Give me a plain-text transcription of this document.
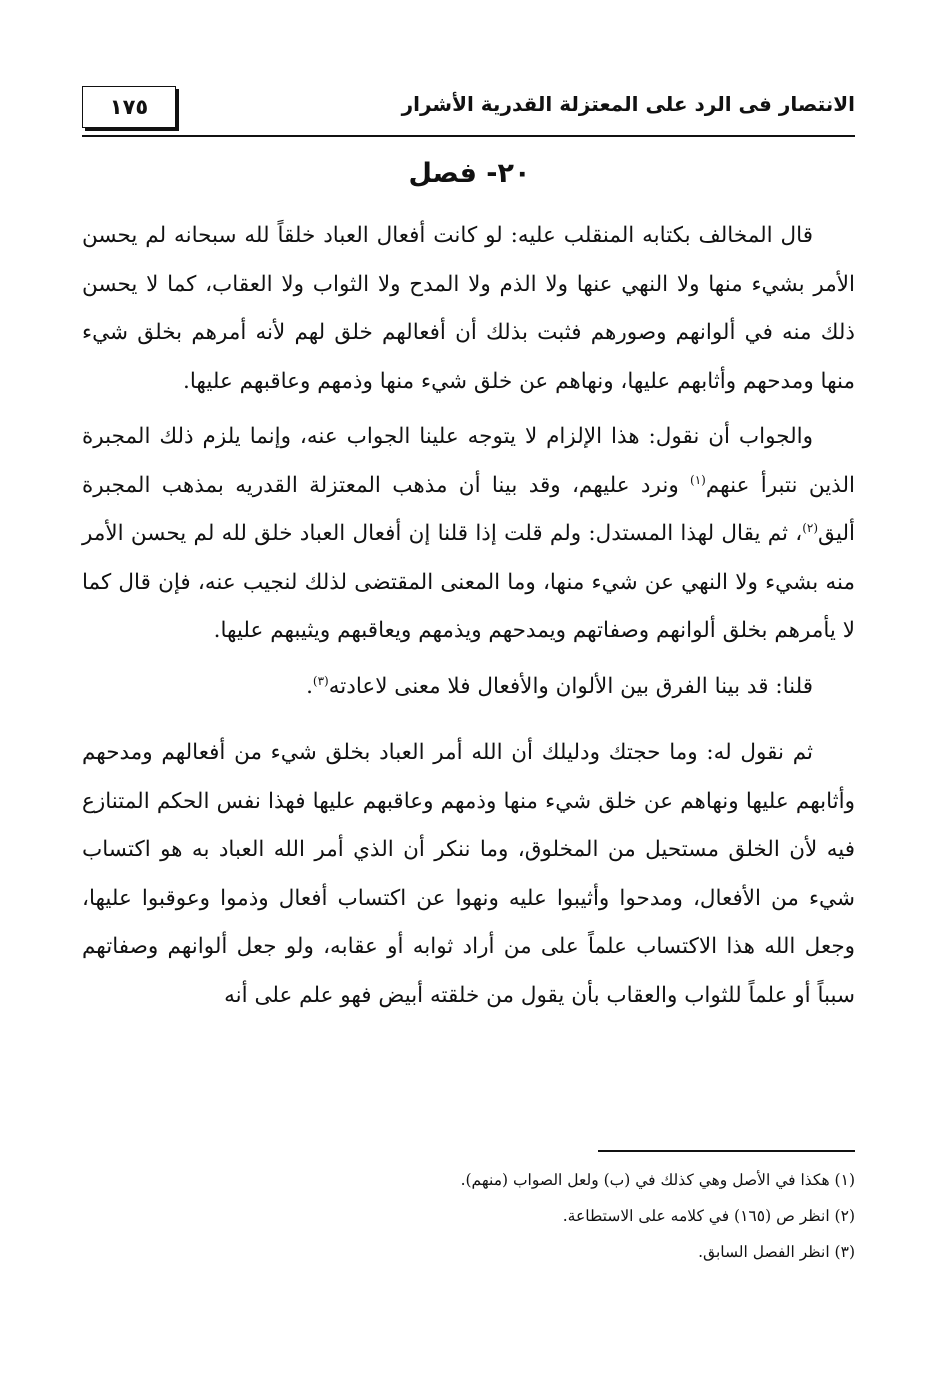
١٧٥	الانتصار فى الرد على المعتزلة القدرية الأشرار
٢٠- فصل

قال المخالف بكتابه المنقلب عليه: لو كانت أفعال العباد خلقاً لله سبحانه لم يحسن الأمر بشيء منها ولا النهي عنها ولا الذم ولا المدح ولا الثواب ولا العقاب، كما لا يحسن ذلك منه في ألوانهم وصورهم فثبت بذلك أن أفعالهم خلق لهم لأنه أمرهم بخلق شيء منها ومدحهم وأثابهم عليها، ونهاهم عن خلق شيء منها وذمهم وعاقبهم عليها.

والجواب أن نقول: هذا الإلزام لا يتوجه علينا الجواب عنه، وإنما يلزم ذلك المجبرة الذين نتبرأ عنهم$^{(١)}$ ونرد عليهم، وقد بينا أن مذهب المعتزلة القدريه بمذهب المجبرة أليق$^{(٢)}$، ثم يقال لهذا المستدل: ولم قلت إذا قلنا إن أفعال العباد خلق لله لم يحسن الأمر منه بشيء ولا النهي عن شيء منها، وما المعنى المقتضى لذلك لنجيب عنه، فإن قال كما لا يأمرهم بخلق ألوانهم وصفاتهم ويمدحهم ويذمهم ويعاقبهم ويثيبهم عليها.

قلنا: قد بينا الفرق بين الألوان والأفعال فلا معنى لاعادته$^{(٣)}$.

ثم نقول له: وما حجتك ودليلك أن الله أمر العباد بخلق شيء من أفعالهم ومدحهم وأثابهم عليها ونهاهم عن خلق شيء منها وذمهم وعاقبهم عليها فهذا نفس الحكم المتنازع فيه لأن الخلق مستحيل من المخلوق، وما ننكر أن الذي أمر الله العباد به هو اكتساب شيء من الأفعال، ومدحوا وأثيبوا عليه ونهوا عن اكتساب أفعال وذموا وعوقبوا عليها، وجعل الله هذا الاكتساب علماً على من أراد ثوابه أو عقابه، ولو جعل ألوانهم وصفاتهم سبباً أو علماً للثواب والعقاب بأن يقول من خلقته أبيض فهو علم على أنه

(١) هكذا في الأصل وهي كذلك في (ب) ولعل الصواب (منهم).
(٢) انظر ص (١٦٥) في كلامه على الاستطاعة.
(٣) انظر الفصل السابق.
